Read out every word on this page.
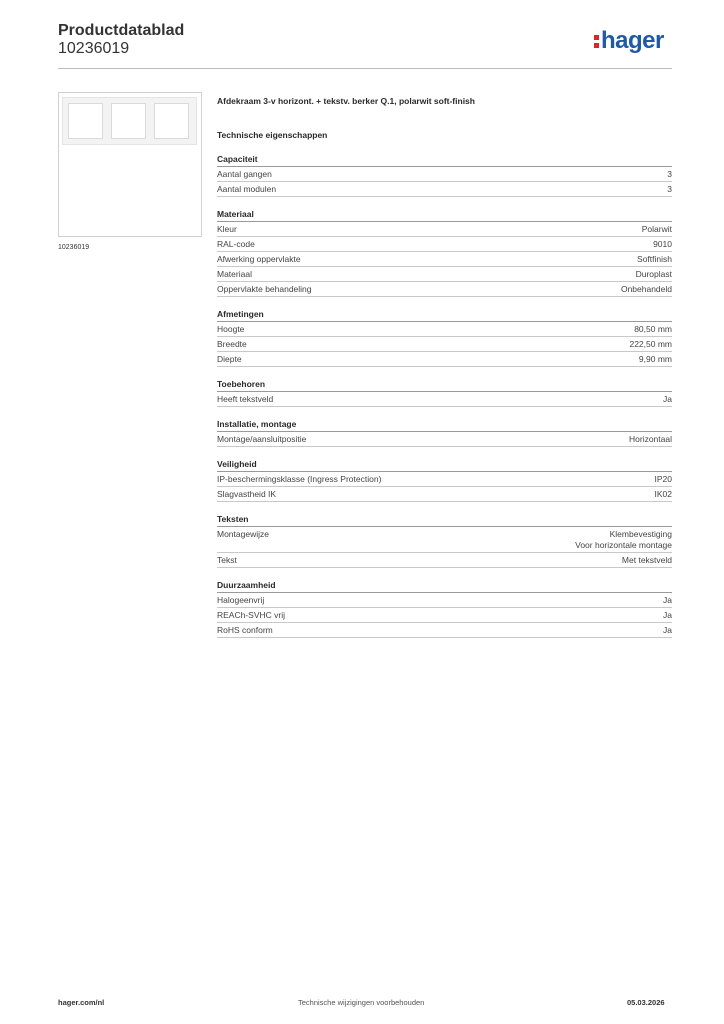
Productdatablad
10236019	hager
10236019
Afdekraam 3-v horizont. + tekstv. berker Q.1, polarwit soft-finish
Technische eigenschappen
Capaciteit
Aantal gangen	3
Aantal modulen	3
Materiaal
Kleur	Polarwit
RAL-code	9010
Afwerking oppervlakte	Softfinish
Materiaal	Duroplast
Oppervlakte behandeling	Onbehandeld
Afmetingen
Hoogte	80,50 mm
Breedte	222,50 mm
Diepte	9,90 mm
Toebehoren
Heeft tekstveld	Ja
Installatie, montage
Montage/aansluitpositie	Horizontaal
Veiligheid
IP-beschermingsklasse (Ingress Protection)	IP20
Slagvastheid IK	IK02
Teksten
Montagewijze	Klembevestiging
Voor horizontale montage
Tekst	Met tekstveld
Duurzaamheid
Halogeenvrij	Ja
REACh-SVHC vrij	Ja
RoHS conform	Ja
hager.com/nl	Technische wijzigingen voorbehouden	05.03.2026
